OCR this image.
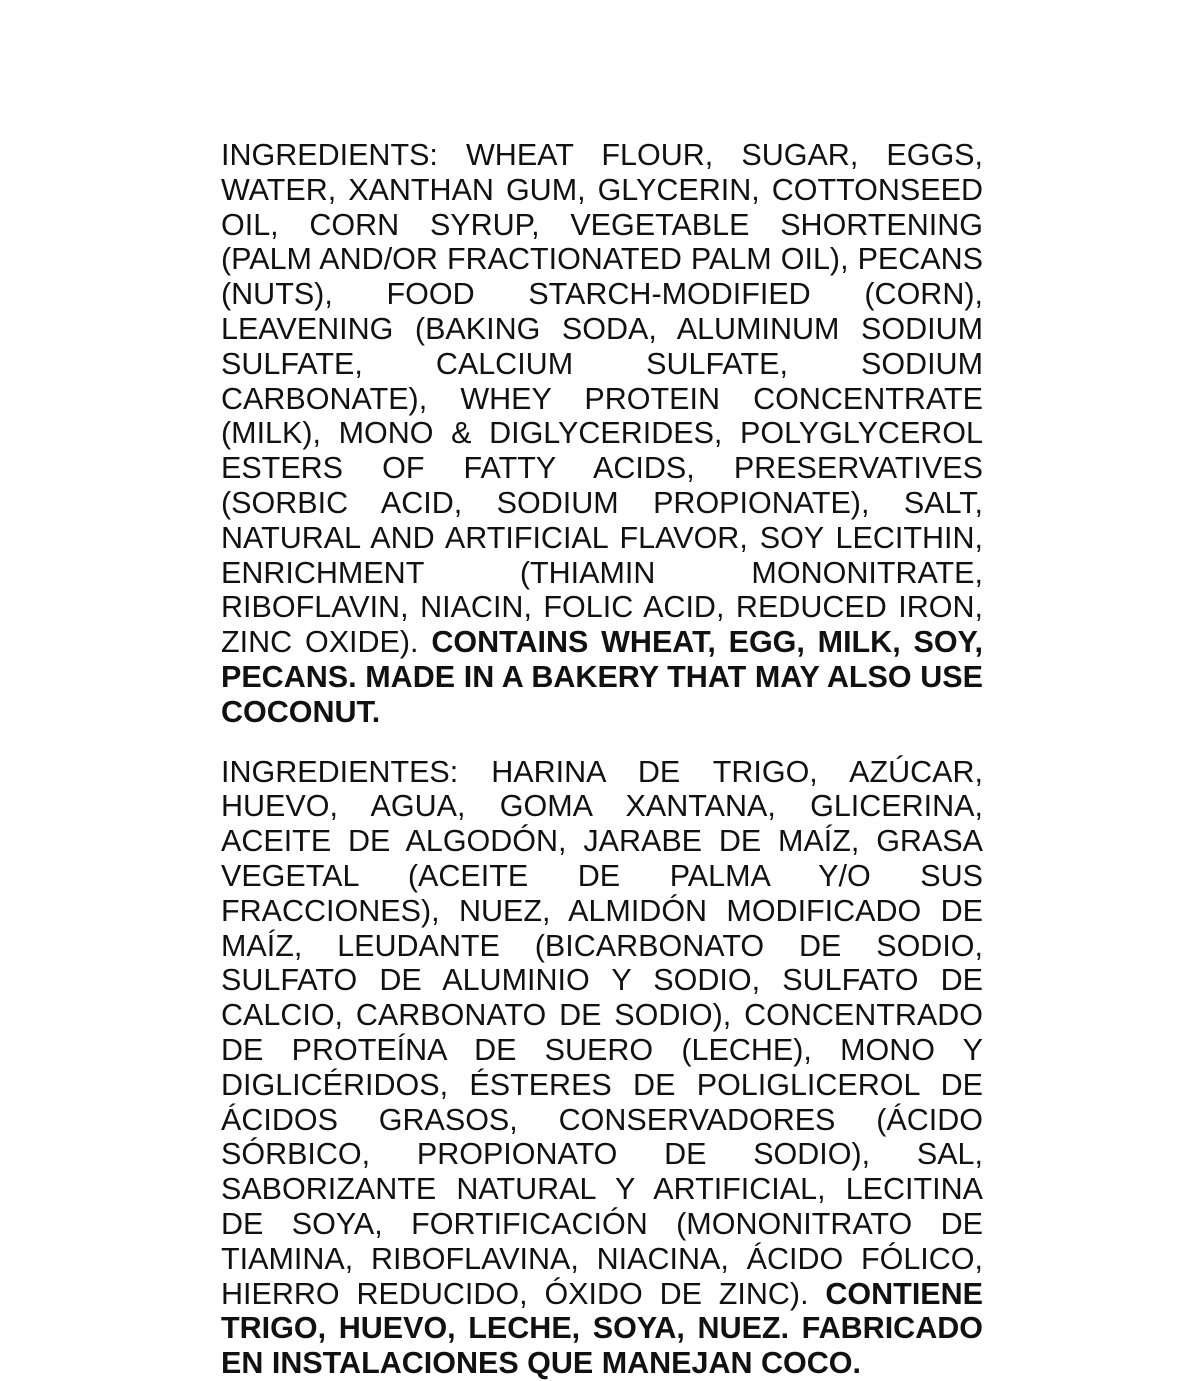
INGREDIENTS: WHEAT FLOUR, SUGAR, EGGS, WATER, XANTHAN GUM, GLYCERIN, COTTONSEED OIL, CORN SYRUP, VEGETABLE SHORTENING (PALM AND/OR FRACTIONATED PALM OIL), PECANS (NUTS), FOOD STARCH-MODIFIED (CORN), LEAVENING (BAKING SODA, ALUMINUM SODIUM SULFATE, CALCIUM SULFATE, SODIUM CARBONATE), WHEY PROTEIN CONCENTRATE (MILK), MONO & DIGLYCERIDES, POLYGLYCEROL ESTERS OF FATTY ACIDS, PRESERVATIVES (SORBIC ACID, SODIUM PROPIONATE), SALT, NATURAL AND ARTIFICIAL FLAVOR, SOY LECITHIN, ENRICHMENT (THIAMIN MONONITRATE, RIBOFLAVIN, NIACIN, FOLIC ACID, REDUCED IRON, ZINC OXIDE). CONTAINS WHEAT, EGG, MILK, SOY, PECANS. MADE IN A BAKERY THAT MAY ALSO USE COCONUT.

INGREDIENTES: HARINA DE TRIGO, AZÚCAR, HUEVO, AGUA, GOMA XANTANA, GLICERINA, ACEITE DE ALGODÓN, JARABE DE MAÍZ, GRASA VEGETAL (ACEITE DE PALMA Y/O SUS FRACCIONES), NUEZ, ALMIDÓN MODIFICADO DE MAÍZ, LEUDANTE (BICARBONATO DE SODIO, SULFATO DE ALUMINIO Y SODIO, SULFATO DE CALCIO, CARBONATO DE SODIO), CONCENTRADO DE PROTEÍNA DE SUERO (LECHE), MONO Y DIGLICÉRIDOS, ÉSTERES DE POLIGLICEROL DE ÁCIDOS GRASOS, CONSERVADORES (ÁCIDO SÓRBICO, PROPIONATO DE SODIO), SAL, SABORIZANTE NATURAL Y ARTIFICIAL, LECITINA DE SOYA, FORTIFICACIÓN (MONONITRATO DE TIAMINA, RIBOFLAVINA, NIACINA, ÁCIDO FÓLICO, HIERRO REDUCIDO, ÓXIDO DE ZINC). CONTIENE TRIGO, HUEVO, LECHE, SOYA, NUEZ. FABRICADO EN INSTALACIONES QUE MANEJAN COCO.
